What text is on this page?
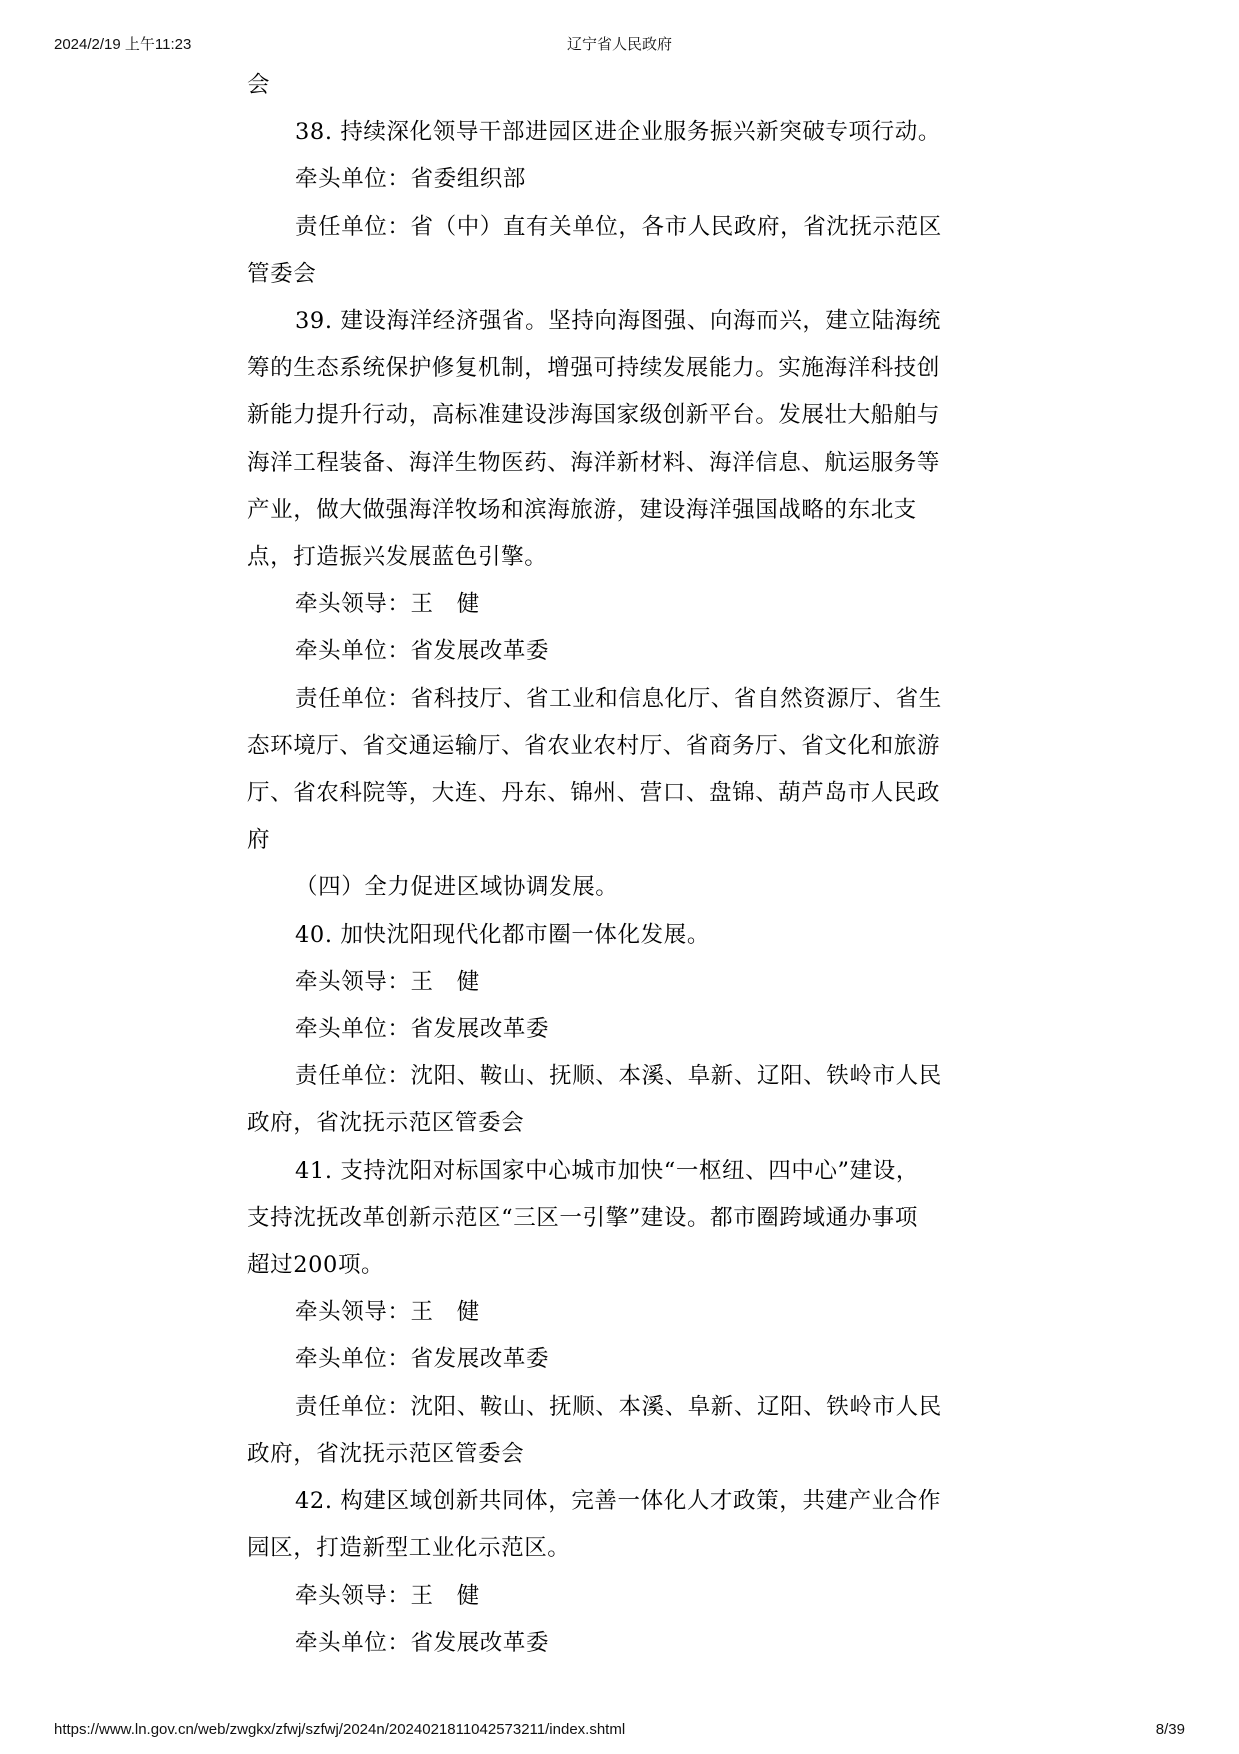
2024/2/19 上午11:23	辽宁省人民政府

会

38. 持续深化领导干部进园区进企业服务振兴新突破专项行动。

牵头单位：省委组织部

责任单位：省（中）直有关单位，各市人民政府，省沈抚示范区

管委会

39. 建设海洋经济强省。坚持向海图强、向海而兴，建立陆海统

筹的生态系统保护修复机制，增强可持续发展能力。实施海洋科技创

新能力提升行动，高标准建设涉海国家级创新平台。发展壮大船舶与

海洋工程装备、海洋生物医药、海洋新材料、海洋信息、航运服务等

产业，做大做强海洋牧场和滨海旅游，建设海洋强国战略的东北支

点，打造振兴发展蓝色引擎。

牵头领导：王　健

牵头单位：省发展改革委

责任单位：省科技厅、省工业和信息化厅、省自然资源厅、省生

态环境厅、省交通运输厅、省农业农村厅、省商务厅、省文化和旅游

厅、省农科院等，大连、丹东、锦州、营口、盘锦、葫芦岛市人民政

府

（四）全力促进区域协调发展。

40. 加快沈阳现代化都市圈一体化发展。

牵头领导：王　健

牵头单位：省发展改革委

责任单位：沈阳、鞍山、抚顺、本溪、阜新、辽阳、铁岭市人民

政府，省沈抚示范区管委会

41. 支持沈阳对标国家中心城市加快“一枢纽、四中心”建设，

支持沈抚改革创新示范区“三区一引擎”建设。都市圈跨域通办事项

超过200项。

牵头领导：王　健

牵头单位：省发展改革委

责任单位：沈阳、鞍山、抚顺、本溪、阜新、辽阳、铁岭市人民

政府，省沈抚示范区管委会

42. 构建区域创新共同体，完善一体化人才政策，共建产业合作

园区，打造新型工业化示范区。

牵头领导：王　健

牵头单位：省发展改革委

https://www.ln.gov.cn/web/zwgkx/zfwj/szfwj/2024n/2024021811042573211/index.shtml	8/39
